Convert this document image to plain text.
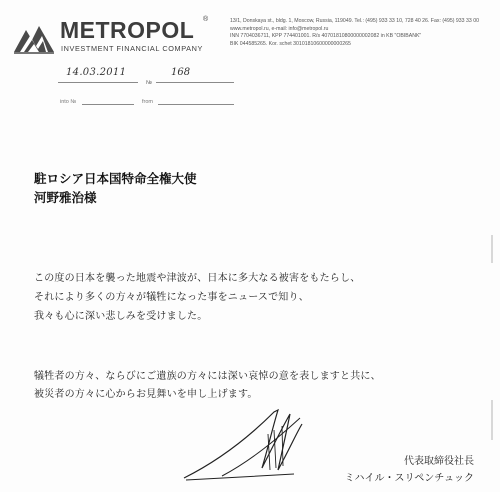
METROPOL ®
INVESTMENT FINANCIAL COMPANY
13/1, Donskaya st., bldg. 1, Moscow, Russia, 119049. Tel.: (495) 933 33 10, 728 40 26. Fax: (495) 933 33 00
www.metropol.ru, e-mail: info@metropol.ru
INN 7704036711, KPP 774401001. R/s 40701810800000002082 in KB "OBIBANK"
BIK 044585265. Kor. schet 30101810600000000265
14.03.2011
№
168
into №	from
駐ロシア日本国特命全権大使
河野雅治様
この度の日本を襲った地震や津波が、日本に多大なる被害をもたらし、
それにより多くの方々が犠牲になった事をニュースで知り、
我々も心に深い悲しみを受けました。
犠牲者の方々、ならびにご遺族の方々には深い哀悼の意を表しますと共に、
被災者の方々に心からお見舞いを申し上げます。
代表取締役社長
ミハイル・スリペンチュック
